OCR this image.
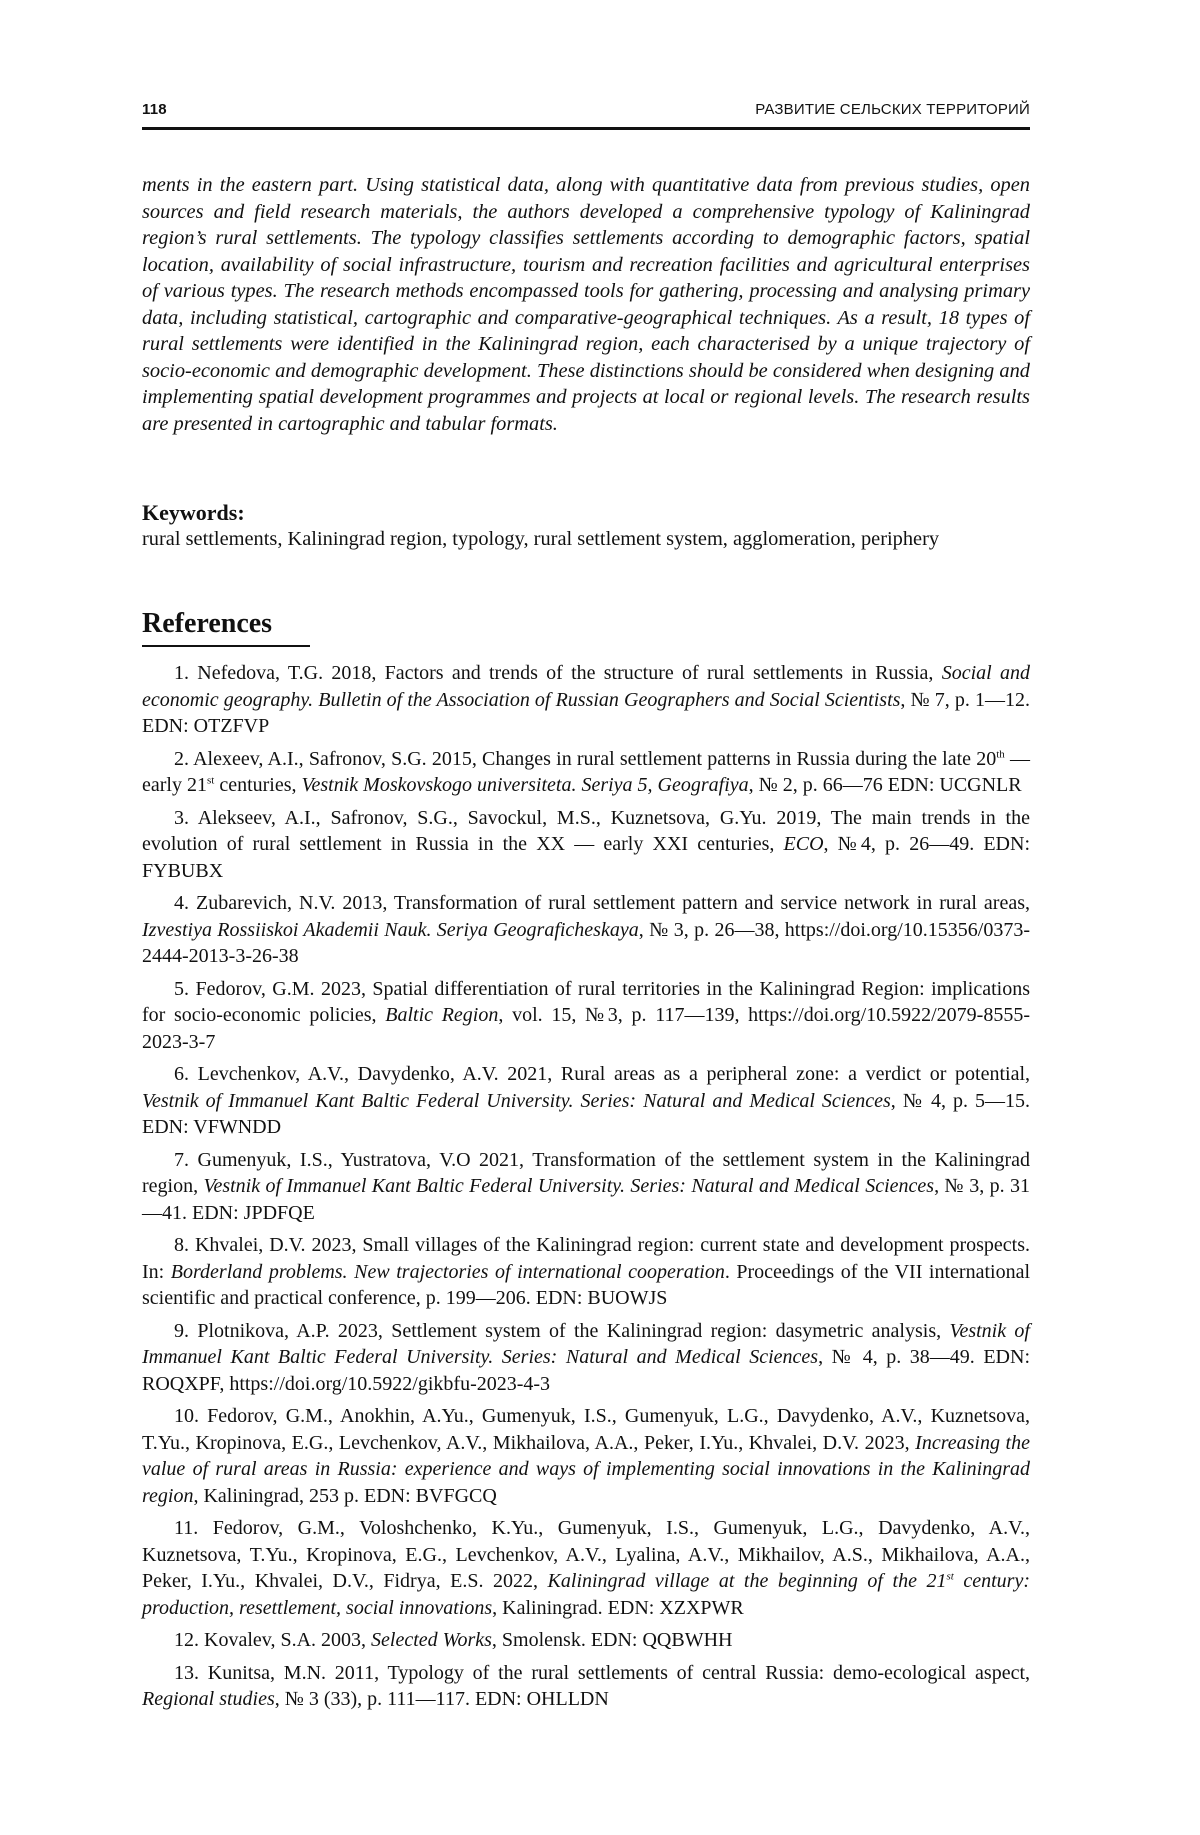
118	РАЗВИТИЕ СЕЛЬСКИХ ТЕРРИТОРИЙ

ments in the eastern part. Using statistical data, along with quantitative data from previous studies, open sources and field research materials, the authors developed a comprehensive typology of Kaliningrad region’s rural settlements. The typology classifies settlements according to demographic factors, spatial location, availability of social infrastructure, tourism and recreation facilities and agricultural enterprises of various types. The research methods encompassed tools for gathering, processing and analysing primary data, including statistical, cartographic and comparative-geographical techniques. As a result, 18 types of rural settlements were identified in the Kaliningrad region, each characterised by a unique trajectory of socio-economic and demographic development. These distinctions should be considered when designing and implementing spatial development programmes and projects at local or regional levels. The research results are presented in cartographic and tabular formats.

Keywords:

rural settlements, Kaliningrad region, typology, rural settlement system, agglomeration, periphery

References

1. Nefedova, T.G. 2018, Factors and trends of the structure of rural settlements in Russia, Social and economic geography. Bulletin of the Association of Russian Geographers and Social Scientists, № 7, p. 1—12. EDN: OTZFVP

2. Alexeev, A.I., Safronov, S.G. 2015, Changes in rural settlement patterns in Russia during the late 20th — early 21st centuries, Vestnik Moskovskogo universiteta. Seriya 5, Geografiya, № 2, p. 66—76 EDN: UCGNLR

3. Alekseev, A.I., Safronov, S.G., Savockul, M.S., Kuznetsova, G.Yu. 2019, The main trends in the evolution of rural settlement in Russia in the XX — early XXI centuries, ECO, №4, p. 26—49. EDN: FYBUBX

4. Zubarevich, N.V. 2013, Transformation of rural settlement pattern and service network in rural areas, Izvestiya Rossiiskoi Akademii Nauk. Seriya Geograficheskaya, № 3, p. 26—38, https://doi.org/10.15356/0373-2444-2013-3-26-38

5. Fedorov, G.M. 2023, Spatial differentiation of rural territories in the Kaliningrad Region: implications for socio-economic policies, Baltic Region, vol. 15, №3, p. 117—139, https://doi.org/10.5922/2079-8555-2023-3-7

6. Levchenkov, A.V., Davydenko, A.V. 2021, Rural areas as a peripheral zone: a verdict or potential, Vestnik of Immanuel Kant Baltic Federal University. Series: Natural and Medical Sciences, № 4, p. 5—15. EDN: VFWNDD

7. Gumenyuk, I.S., Yustratova, V.O 2021, Transformation of the settlement system in the Kaliningrad region, Vestnik of Immanuel Kant Baltic Federal University. Series: Natural and Medical Sciences, № 3, p. 31—41. EDN: JPDFQE

8. Khvalei, D.V. 2023, Small villages of the Kaliningrad region: current state and development prospects. In: Borderland problems. New trajectories of international cooperation. Proceedings of the VII international scientific and practical conference, p. 199—206. EDN: BUOWJS

9. Plotnikova, A.P. 2023, Settlement system of the Kaliningrad region: dasymetric analysis, Vestnik of Immanuel Kant Baltic Federal University. Series: Natural and Medical Sciences, № 4, p. 38—49. EDN: ROQXPF, https://doi.org/10.5922/gikbfu-2023-4-3

10. Fedorov, G.M., Anokhin, A.Yu., Gumenyuk, I.S., Gumenyuk, L.G., Davydenko, A.V., Kuznetsova, T.Yu., Kropinova, E.G., Levchenkov, A.V., Mikhailova, A.A., Peker, I.Yu., Khvalei, D.V. 2023, Increasing the value of rural areas in Russia: experience and ways of implementing social innovations in the Kaliningrad region, Kaliningrad, 253 p. EDN: BVFGCQ

11. Fedorov, G.M., Voloshchenko, K.Yu., Gumenyuk, I.S., Gumenyuk, L.G., Davydenko, A.V., Kuznetsova, T.Yu., Kropinova, E.G., Levchenkov, A.V., Lyalina, A.V., Mikhailov, A.S., Mikhailova, A.A., Peker, I.Yu., Khvalei, D.V., Fidrya, E.S. 2022, Kaliningrad village at the beginning of the 21st century: production, resettlement, social innovations, Kaliningrad. EDN: XZXPWR

12. Kovalev, S.A. 2003, Selected Works, Smolensk. EDN: QQBWHH

13. Kunitsa, M.N. 2011, Typology of the rural settlements of central Russia: demo-ecological aspect, Regional studies, № 3 (33), p. 111—117. EDN: OHLLDN
